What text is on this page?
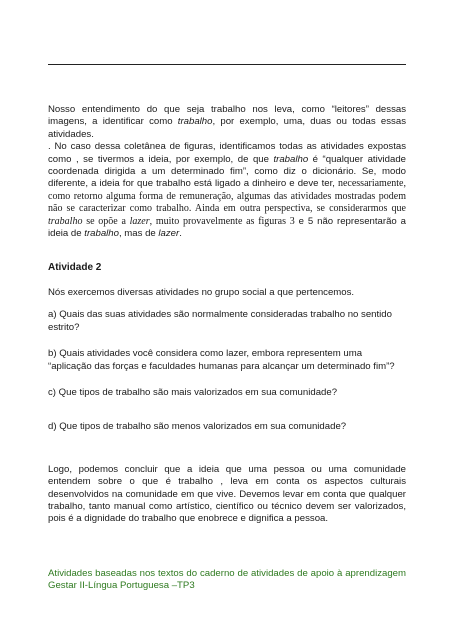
Nosso entendimento do que seja trabalho nos leva, como “leitores” dessas imagens, a identificar como trabalho, por exemplo, uma, duas ou todas essas atividades.

. No caso dessa coletânea de figuras, identificamos todas as atividades expostas como , se tivermos a ideia, por exemplo, de que trabalho é “qualquer atividade coordenada dirigida a um determinado fim”, como diz o dicionário. Se, modo diferente, a ideia for que trabalho está ligado a dinheiro e deve ter, necessariamente, como retorno alguma forma de remuneração, algumas das atividades mostradas podem não se caracterizar como trabalho. Ainda em outra perspectiva, se considerarmos que trabalho se opõe a lazer, muito provavelmente as figuras 3 e 5 não representarão a ideia de trabalho, mas de lazer.

Atividade 2

Nós exercemos diversas atividades no grupo social a que pertencemos.

a) Quais das suas atividades são normalmente consideradas trabalho no sentido estrito?

b) Quais atividades você considera como lazer, embora representem uma “aplicação das forças e faculdades humanas para alcançar um determinado fim”?

c) Que tipos de trabalho são mais valorizados em sua comunidade?

d) Que tipos de trabalho são menos valorizados em sua comunidade?

Logo, podemos concluir que a ideia que uma pessoa ou uma comunidade entendem sobre o que é trabalho , leva em conta os aspectos culturais desenvolvidos na comunidade em que vive. Devemos levar em conta que qualquer trabalho, tanto manual como artístico, científico ou técnico devem ser valorizados, pois é a dignidade do trabalho que enobrece e dignifica a pessoa.

Atividades baseadas nos textos do caderno de atividades de apoio à aprendizagem Gestar II-Língua Portuguesa –TP3
